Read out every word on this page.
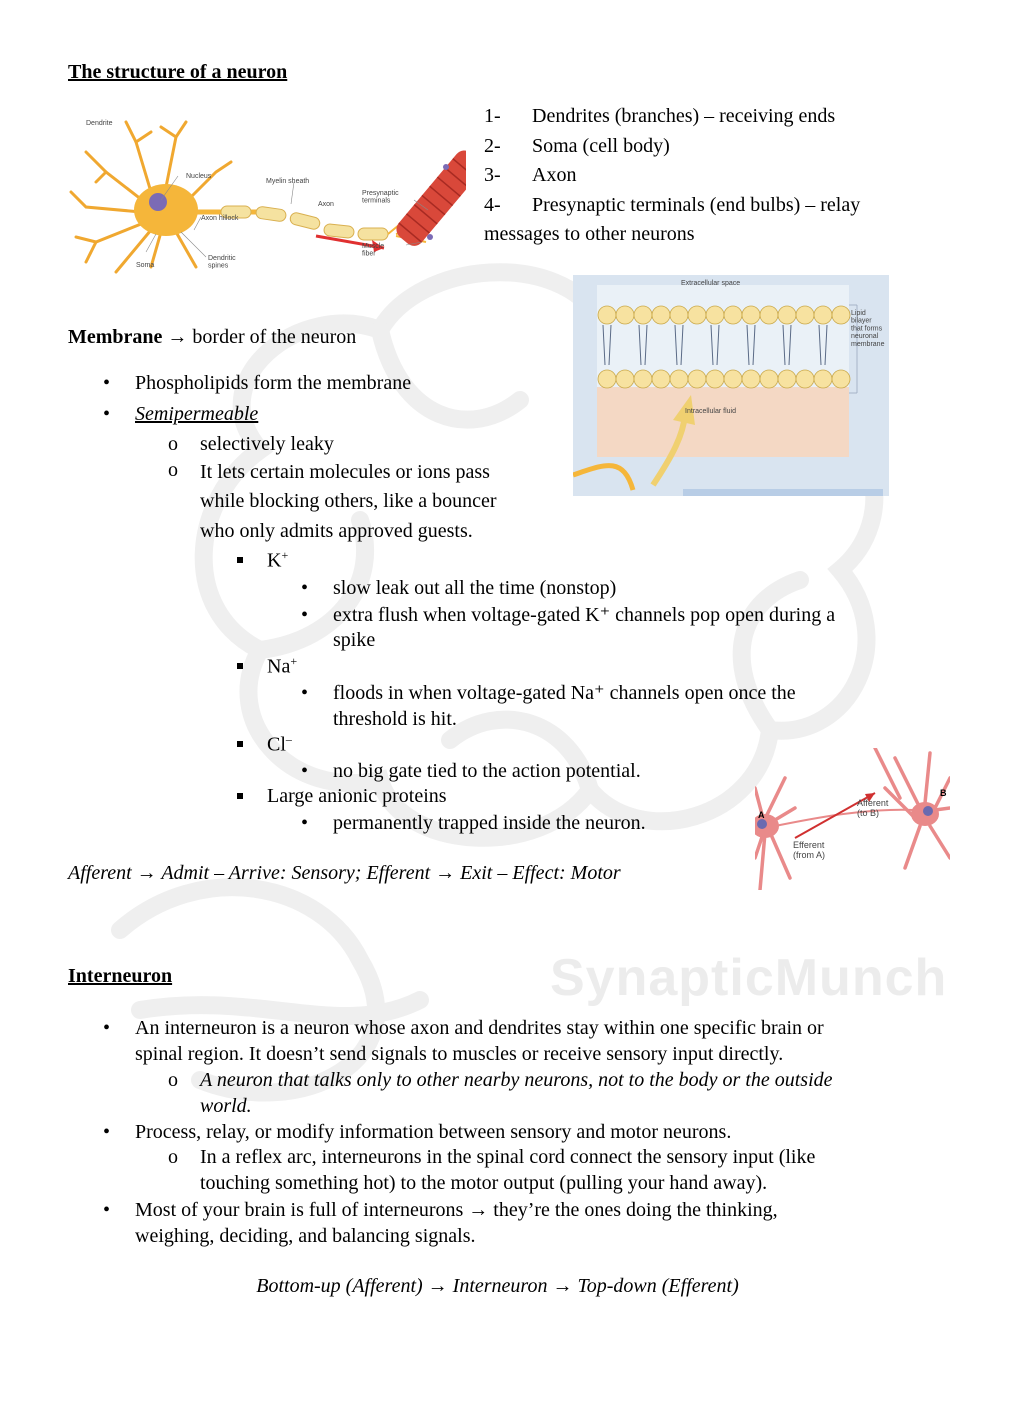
SynapticMunch
The structure of a neuron
Dendrite
Nucleus
Myelin sheath
Axon
Presynaptic terminals
Axon hillock
Muscle fiber
Soma
Dendritic spines
1- Dendrites (branches) – receiving ends
2- Soma (cell body)
3- Axon
4- Presynaptic terminals (end bulbs) – relay
messages to other neurons
Extracellular space
Intracellular fluid
Lipid bilayer that forms neuronal membrane
Membrane → border of the neuron
• Phospholipids form the membrane
• Semipermeable
o selectively leaky
o It lets certain molecules or ions pass
while blocking others, like a bouncer
who only admits approved guests.
K+
• slow leak out all the time (nonstop)
• extra flush when voltage-gated K⁺ channels pop open during a
spike
Na+
• floods in when voltage-gated Na⁺ channels open once the
threshold is hit.
Cl–
• no big gate tied to the action potential.
Large anionic proteins
• permanently trapped inside the neuron.	A
B
Afferent (to B)
Efferent (from A)
Afferent → Admit – Arrive: Sensory; Efferent → Exit – Effect: Motor
Interneuron
• An interneuron is a neuron whose axon and dendrites stay within one specific brain or
spinal region. It doesn’t send signals to muscles or receive sensory input directly.
o A neuron that talks only to other nearby neurons, not to the body or the outside
world.
• Process, relay, or modify information between sensory and motor neurons.
o In a reflex arc, interneurons in the spinal cord connect the sensory input (like
touching something hot) to the motor output (pulling your hand away).
• Most of your brain is full of interneurons → they’re the ones doing the thinking,
weighing, deciding, and balancing signals.
Bottom-up (Afferent) → Interneuron → Top-down (Efferent)
